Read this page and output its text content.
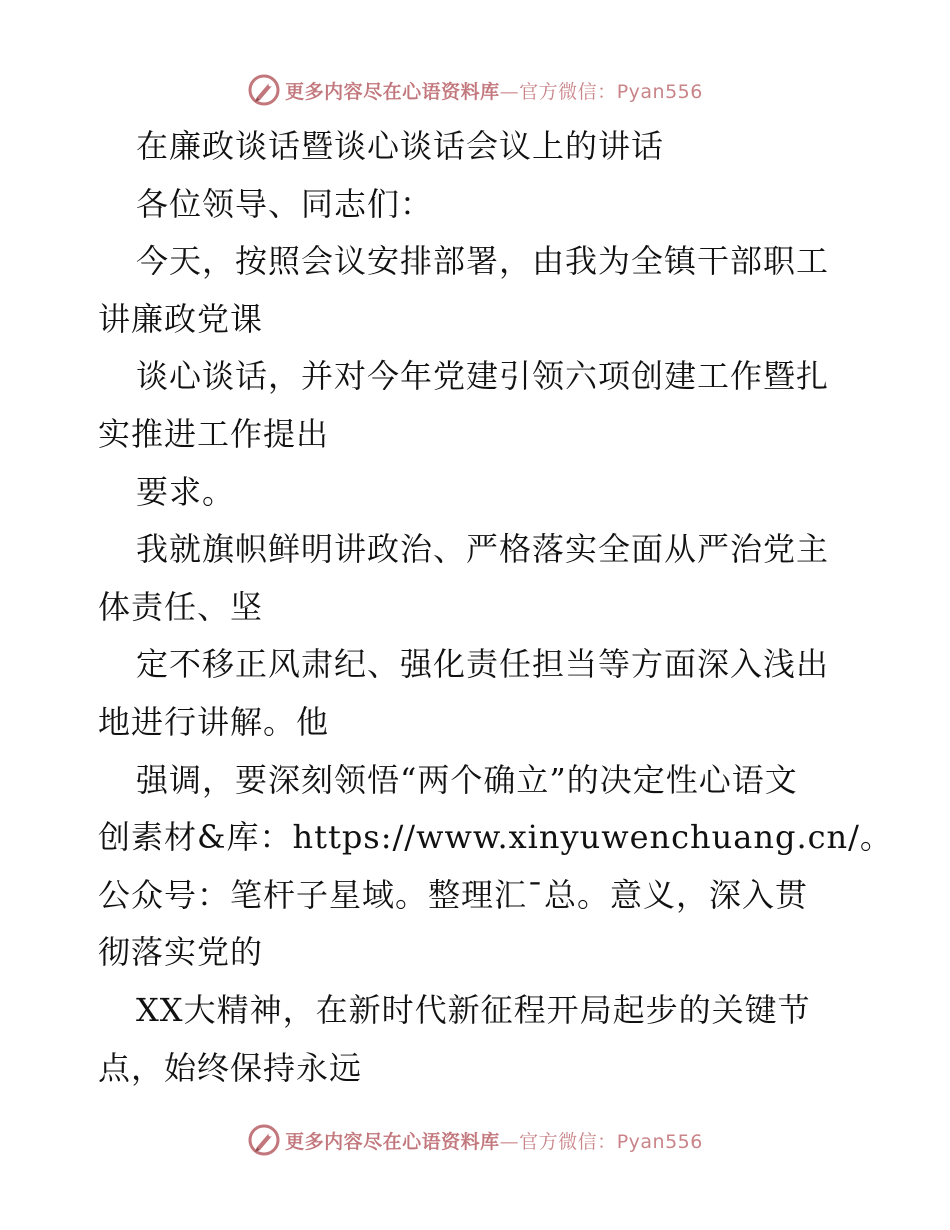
更多内容尽在心语资料库—官方微信：Pyan556
在廉政谈话暨谈心谈话会议上的讲话
各位领导、同志们：
今天，按照会议安排部署，由我为全镇干部职工
讲廉政党课
谈心谈话，并对今年党建引领六项创建工作暨扎
实推进工作提出
要求。
我就旗帜鲜明讲政治、严格落实全面从严治党主
体责任、坚
定不移正风肃纪、强化责任担当等方面深入浅出
地进行讲解。他
强调，要深刻领悟“两个确立”的决定性心语文
创素材&库：https://www.xinyuwenchuang.cn/。
公众号：笔杆子星域。整理汇¯总。意义，深入贯
彻落实党的
XX大精神，在新时代新征程开局起步的关键节
点，始终保持永远
更多内容尽在心语资料库—官方微信：Pyan556
